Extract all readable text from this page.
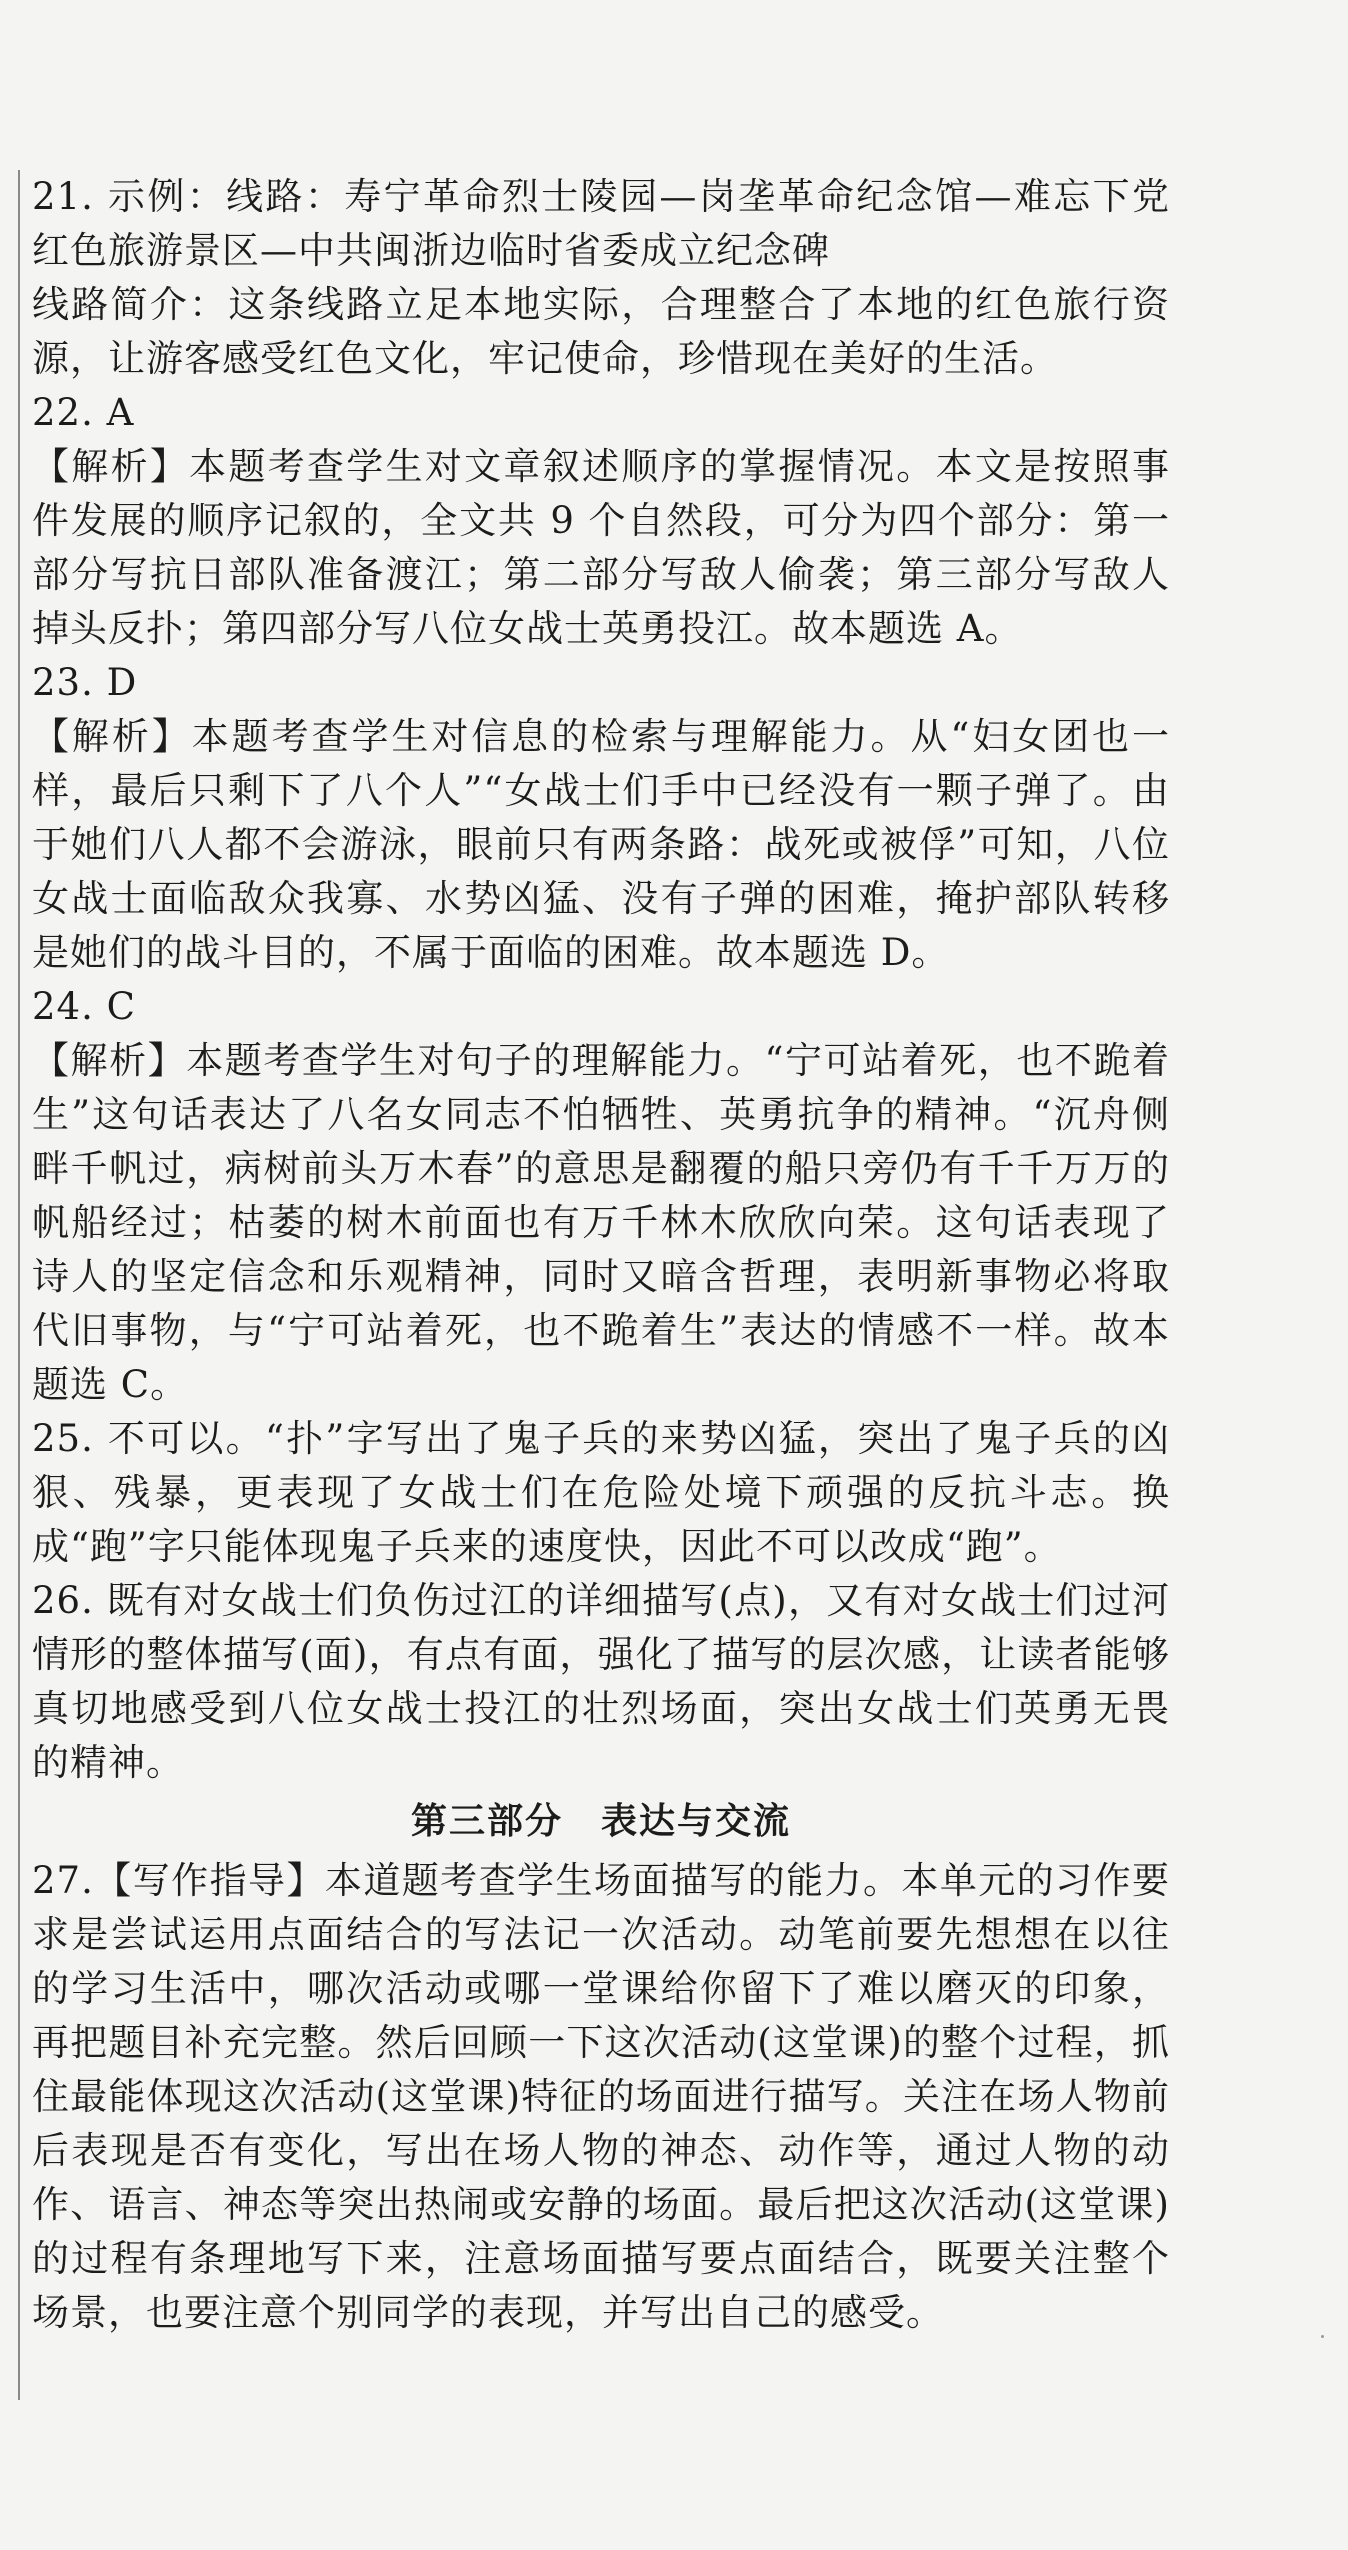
21. 示例：线路：寿宁革命烈士陵园—岗垄革命纪念馆—难忘下党红色旅游景区—中共闽浙边临时省委成立纪念碑

线路简介：这条线路立足本地实际，合理整合了本地的红色旅行资源，让游客感受红色文化，牢记使命，珍惜现在美好的生活。

22. A

【解析】本题考查学生对文章叙述顺序的掌握情况。本文是按照事件发展的顺序记叙的，全文共 9 个自然段，可分为四个部分：第一部分写抗日部队准备渡江；第二部分写敌人偷袭；第三部分写敌人掉头反扑；第四部分写八位女战士英勇投江。故本题选 A。

23. D

【解析】本题考查学生对信息的检索与理解能力。从“妇女团也一样，最后只剩下了八个人”“女战士们手中已经没有一颗子弹了。由于她们八人都不会游泳，眼前只有两条路：战死或被俘”可知，八位女战士面临敌众我寡、水势凶猛、没有子弹的困难，掩护部队转移是她们的战斗目的，不属于面临的困难。故本题选 D。

24. C

【解析】本题考查学生对句子的理解能力。“宁可站着死，也不跪着生”这句话表达了八名女同志不怕牺牲、英勇抗争的精神。“沉舟侧畔千帆过，病树前头万木春”的意思是翻覆的船只旁仍有千千万万的帆船经过；枯萎的树木前面也有万千林木欣欣向荣。这句话表现了诗人的坚定信念和乐观精神，同时又暗含哲理，表明新事物必将取代旧事物，与“宁可站着死，也不跪着生”表达的情感不一样。故本题选 C。

25. 不可以。“扑”字写出了鬼子兵的来势凶猛，突出了鬼子兵的凶狠、残暴，更表现了女战士们在危险处境下顽强的反抗斗志。换成“跑”字只能体现鬼子兵来的速度快，因此不可以改成“跑”。

26. 既有对女战士们负伤过江的详细描写(点)，又有对女战士们过河情形的整体描写(面)，有点有面，强化了描写的层次感，让读者能够真切地感受到八位女战士投江的壮烈场面，突出女战士们英勇无畏的精神。

第三部分　表达与交流

27.【写作指导】本道题考查学生场面描写的能力。本单元的习作要求是尝试运用点面结合的写法记一次活动。动笔前要先想想在以往的学习生活中，哪次活动或哪一堂课给你留下了难以磨灭的印象，再把题目补充完整。然后回顾一下这次活动(这堂课)的整个过程，抓住最能体现这次活动(这堂课)特征的场面进行描写。关注在场人物前后表现是否有变化，写出在场人物的神态、动作等，通过人物的动作、语言、神态等突出热闹或安静的场面。最后把这次活动(这堂课)的过程有条理地写下来，注意场面描写要点面结合，既要关注整个场景，也要注意个别同学的表现，并写出自己的感受。
